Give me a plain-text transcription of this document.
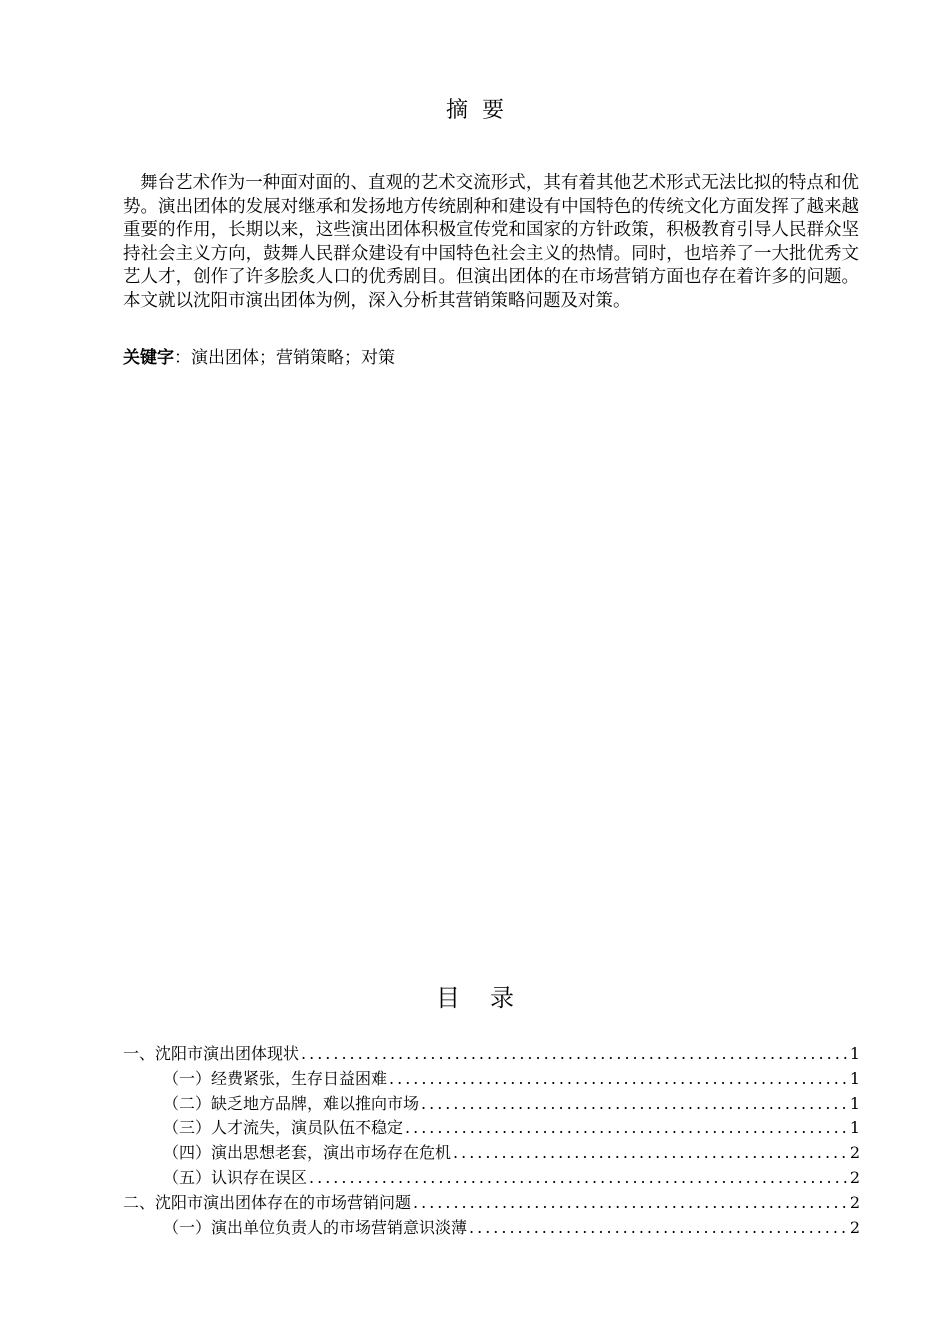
摘要
舞台艺术作为一种面对面的、直观的艺术交流形式，其有着其他艺术形式无法比拟的特点和优势。演出团体的发展对继承和发扬地方传统剧种和建设有中国特色的传统文化方面发挥了越来越重要的作用，长期以来，这些演出团体积极宣传党和国家的方针政策，积极教育引导人民群众坚持社会主义方向，鼓舞人民群众建设有中国特色社会主义的热情。同时，也培养了一大批优秀文艺人才，创作了许多脍炙人口的优秀剧目。但演出团体的在市场营销方面也存在着许多的问题。本文就以沈阳市演出团体为例，深入分析其营销策略问题及对策。
关键字：演出团体；营销策略；对策
目录
一、沈阳市演出团体现状 .....	1
（一）经费紧张，生存日益困难 .....	1
（二）缺乏地方品牌，难以推向市场 .....	1
（三）人才流失，演员队伍不稳定 .....	1
（四）演出思想老套，演出市场存在危机 .....	2
（五）认识存在误区 .....	2
二、沈阳市演出团体存在的市场营销问题 .....	2
（一）演出单位负责人的市场营销意识淡薄 .....	2
